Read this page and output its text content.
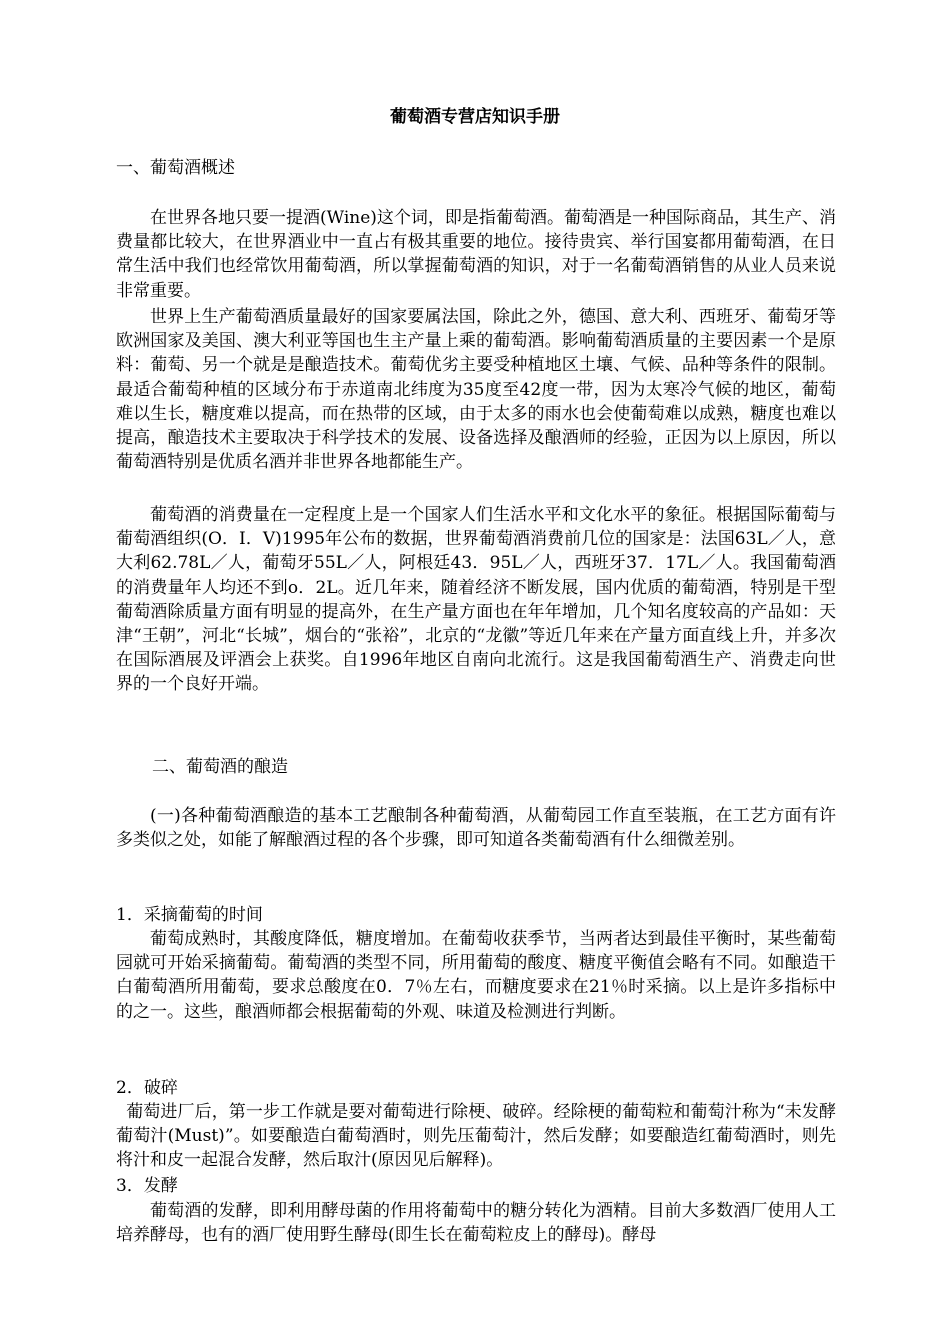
葡萄酒专营店知识手册
一、葡萄酒概述

在世界各地只要一提酒(Wine)这个词，即是指葡萄酒。葡萄酒是一种国际商品，其生产、消费量都比较大，在世界酒业中一直占有极其重要的地位。接待贵宾、举行国宴都用葡萄酒，在日常生活中我们也经常饮用葡萄酒，所以掌握葡萄酒的知识，对于一名葡萄酒销售的从业人员来说非常重要。

世界上生产葡萄酒质量最好的国家要属法国，除此之外，德国、意大利、西班牙、葡萄牙等欧洲国家及美国、澳大利亚等国也生主产量上乘的葡萄酒。影响葡萄酒质量的主要因素一个是原料：葡萄、另一个就是是酿造技术。葡萄优劣主要受种植地区土壤、气候、品种等条件的限制。最适合葡萄种植的区域分布于赤道南北纬度为35度至42度一带，因为太寒冷气候的地区，葡萄难以生长，糖度难以提高，而在热带的区域，由于太多的雨水也会使葡萄难以成熟，糖度也难以提高，酿造技术主要取决于科学技术的发展、设备选择及酿酒师的经验，正因为以上原因，所以葡萄酒特别是优质名酒并非世界各地都能生产。

葡萄酒的消费量在一定程度上是一个国家人们生活水平和文化水平的象征。根据国际葡萄与葡萄酒组织(O．I．V)1995年公布的数据，世界葡萄酒消费前几位的国家是：法国63L／人，意大利62.78L／人，葡萄牙55L／人，阿根廷43．95L／人，西班牙37．17L／人。我国葡萄酒的消费量年人均还不到o．2L。近几年来，随着经济不断发展，国内优质的葡萄酒，特别是干型葡萄酒除质量方面有明显的提高外，在生产量方面也在年年增加，几个知名度较高的产品如：天津“王朝”，河北“长城”，烟台的“张裕”，北京的“龙徽”等近几年来在产量方面直线上升，并多次在国际酒展及评酒会上获奖。自1996年地区自南向北流行。这是我国葡萄酒生产、消费走向世界的一个良好开端。

二、葡萄酒的酿造

(一)各种葡萄酒酿造的基本工艺酿制各种葡萄酒，从葡萄园工作直至装瓶，在工艺方面有许多类似之处，如能了解酿酒过程的各个步骤，即可知道各类葡萄酒有什么细微差别。

1．采摘葡萄的时间

葡萄成熟时，其酸度降低，糖度增加。在葡萄收获季节，当两者达到最佳平衡时，某些葡萄园就可开始采摘葡萄。葡萄酒的类型不同，所用葡萄的酸度、糖度平衡值会略有不同。如酿造干白葡萄酒所用葡萄，要求总酸度在0．7％左右，而糖度要求在21％时采摘。以上是许多指标中的之一。这些，酿酒师都会根据葡萄的外观、味道及检测进行判断。

2．破碎

葡萄进厂后，第一步工作就是要对葡萄进行除梗、破碎。经除梗的葡萄粒和葡萄汁称为“未发酵葡萄汁(Must)”。如要酿造白葡萄酒时，则先压葡萄汁，然后发酵；如要酿造红葡萄酒时，则先将汁和皮一起混合发酵，然后取汁(原因见后解释)。

3．发酵

葡萄酒的发酵，即利用酵母菌的作用将葡萄中的糖分转化为酒精。目前大多数酒厂使用人工培养酵母，也有的酒厂使用野生酵母(即生长在葡萄粒皮上的酵母)。酵母
